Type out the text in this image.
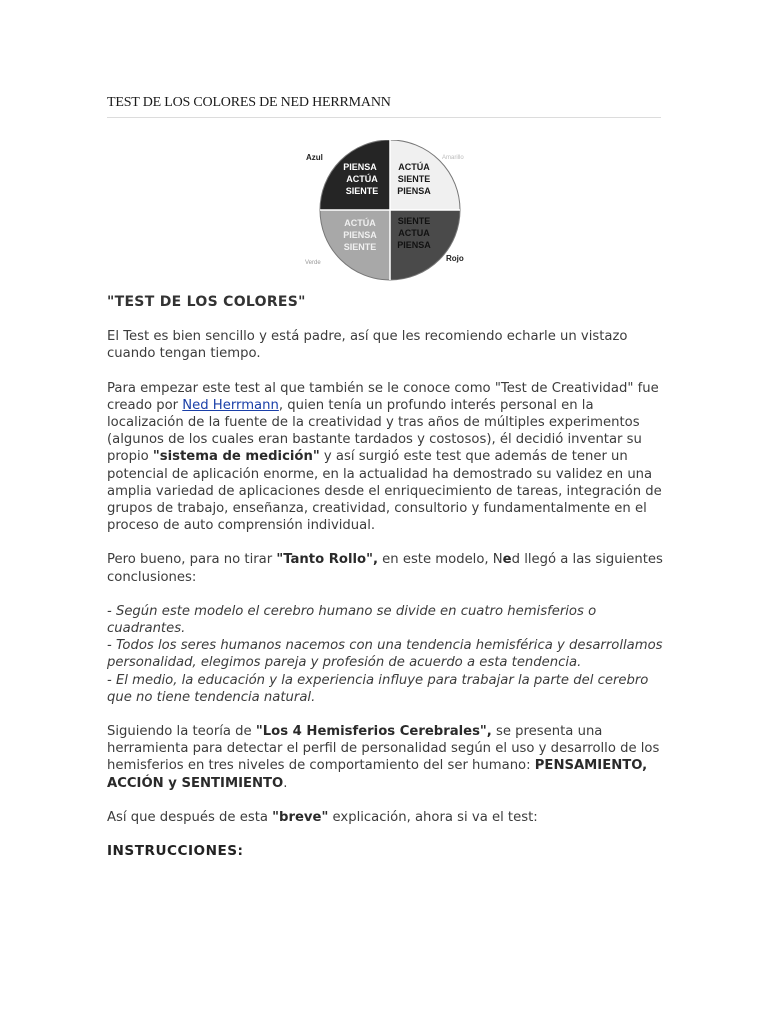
TEST DE LOS COLORES DE NED HERRMANN
PIENSA
ACTÚA
SIENTE
ACTÚA
SIENTE
PIENSA
ACTÚA
PIENSA
SIENTE
SIENTE
ACTUA
PIENSA
Azul	Amarillo
Verde	Rojo

"TEST DE LOS COLORES"

El Test es bien sencillo y está padre, así que les recomiendo echarle un vistazo cuando tengan tiempo.

Para empezar este test al que también se le conoce como "Test de Creatividad" fue creado por Ned Herrmann, quien tenía un profundo interés personal en la localización de la fuente de la creatividad y tras años de múltiples experimentos (algunos de los cuales eran bastante tardados y costosos), él decidió inventar su propio "sistema de medición" y así surgió este test que además de tener un potencial de aplicación enorme, en la actualidad ha demostrado su validez en una amplia variedad de aplicaciones desde el enriquecimiento de tareas, integración de grupos de trabajo, enseñanza, creatividad, consultorio y fundamentalmente en el proceso de auto comprensión individual.

Pero bueno, para no tirar "Tanto Rollo", en este modelo, Ned llegó a las siguientes conclusiones:

- Según este modelo el cerebro humano se divide en cuatro hemisferios o cuadrantes.
- Todos los seres humanos nacemos con una tendencia hemisférica y desarrollamos personalidad, elegimos pareja y profesión de acuerdo a esta tendencia.
- El medio, la educación y la experiencia influye para trabajar la parte del cerebro que no tiene tendencia natural.

Siguiendo la teoría de "Los 4 Hemisferios Cerebrales", se presenta una herramienta para detectar el perfil de personalidad según el uso y desarrollo de los hemisferios en tres niveles de comportamiento del ser humano: PENSAMIENTO, ACCIÓN y SENTIMIENTO.

Así que después de esta "breve" explicación, ahora si va el test:

INSTRUCCIONES:
